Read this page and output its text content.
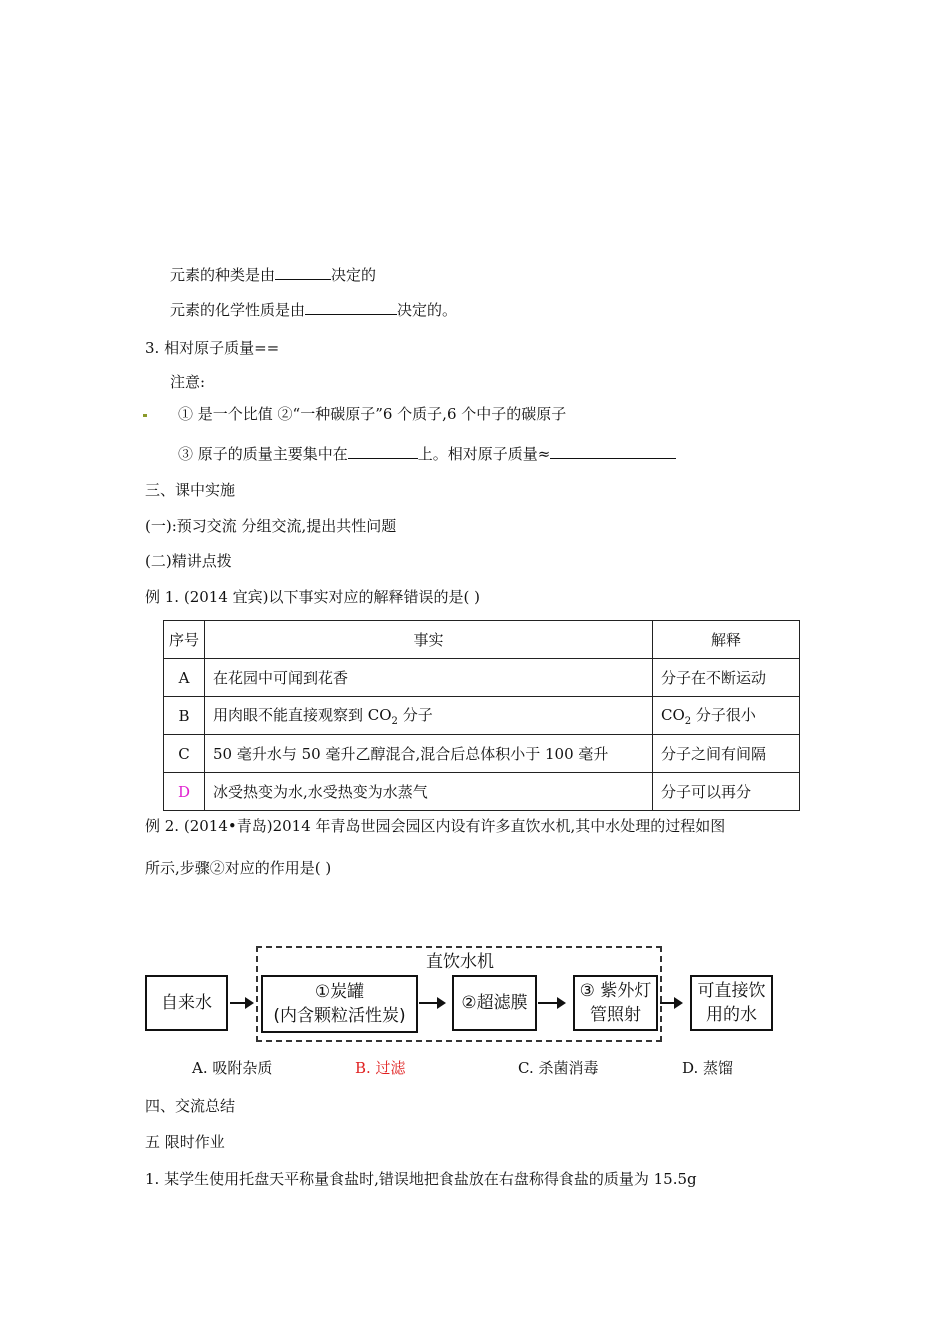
元素的种类是由	决定的
元素的化学性质是由	决定的。
3. 相对原子质量==
注意:
① 是一个比值 ②“一种碳原子”6 个质子,6 个中子的碳原子
③ 原子的质量主要集中在	上。相对原子质量≈
三、课中实施
(一):预习交流 分组交流,提出共性问题
(二)精讲点拨
例 1. (2014 宜宾)以下事实对应的解释错误的是( )
序号	事实	解释
A	在花园中可闻到花香	分子在不断运动
B	用肉眼不能直接观察到 $CO_2$ 分子	$CO_2$ 分子很小
C	50 毫升水与 50 毫升乙醇混合,混合后总体积小于 100 毫升	分子之间有间隔
D	冰受热变为水,水受热变为水蒸气	分子可以再分
例 2. (2014•青岛)2014 年青岛世园会园区内设有许多直饮水机,其中水处理的过程如图
所示,步骤②对应的作用是( )
直饮水机
自来水
①炭罐
(内含颗粒活性炭)
②超滤膜
③ 紫外灯
管照射
可直接饮
用的水
A. 吸附杂质	B. 过滤	C. 杀菌消毒	D. 蒸馏
四、交流总结
五 限时作业
1. 某学生使用托盘天平称量食盐时,错误地把食盐放在右盘称得食盐的质量为 15.5g
